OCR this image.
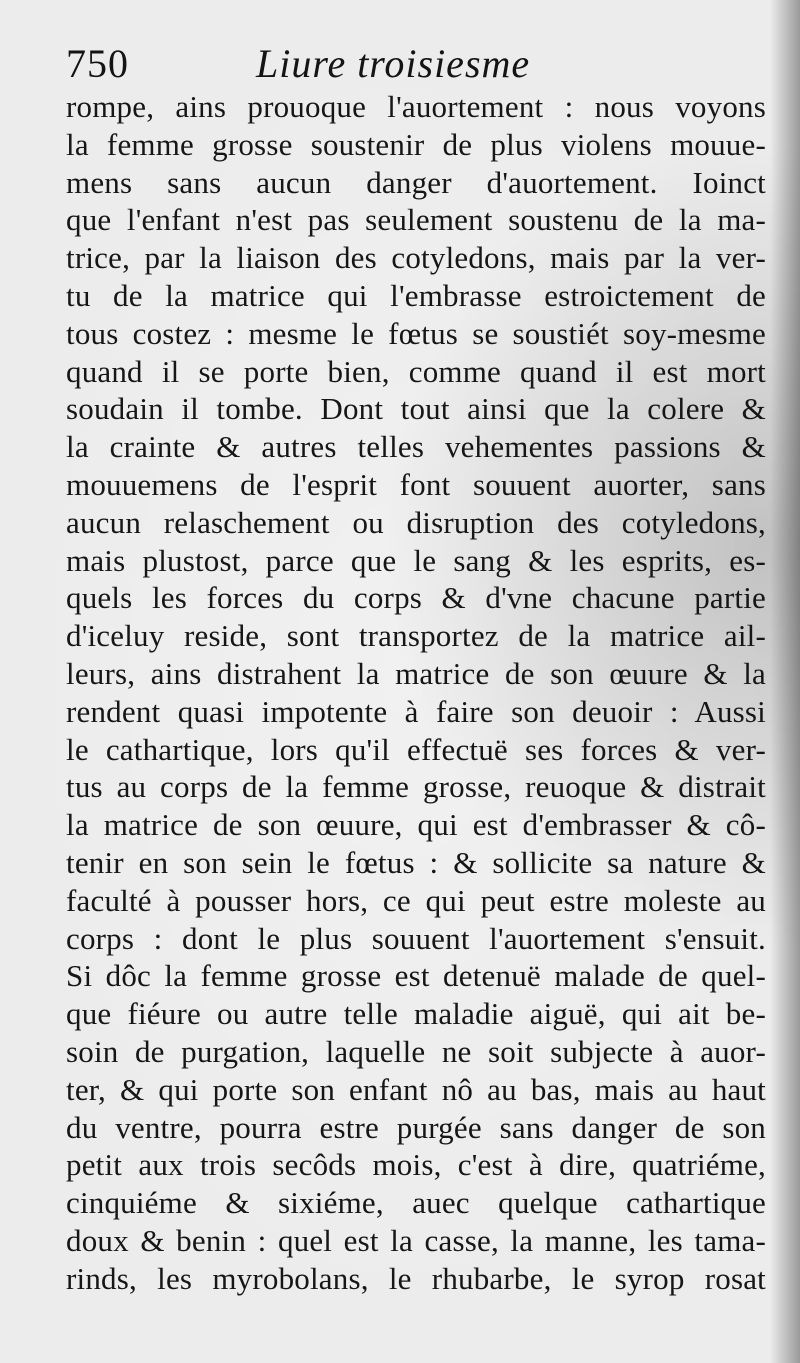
750	Liure troisiesme
rompe, ains prouoque l'auortement : nous voyons
la femme grosse soustenir de plus violens mouue-
mens sans aucun danger d'auortement. Ioinct
que l'enfant n'est pas seulement soustenu de la ma-
trice, par la liaison des cotyledons, mais par la ver-
tu de la matrice qui l'embrasse estroictement de
tous costez : mesme le fœtus se soustiét soy-mesme
quand il se porte bien, comme quand il est mort
soudain il tombe. Dont tout ainsi que la colere &
la crainte & autres telles vehementes passions &
mouuemens de l'esprit font souuent auorter, sans
aucun relaschement ou disruption des cotyledons,
mais plustost, parce que le sang & les esprits, es-
quels les forces du corps & d'vne chacune partie
d'iceluy reside, sont transportez de la matrice ail-
leurs, ains distrahent la matrice de son œuure & la
rendent quasi impotente à faire son deuoir : Aussi
le cathartique, lors qu'il effectuë ses forces & ver-
tus au corps de la femme grosse, reuoque & distrait
la matrice de son œuure, qui est d'embrasser & cô-
tenir en son sein le fœtus : & sollicite sa nature &
faculté à pousser hors, ce qui peut estre moleste au
corps : dont le plus souuent l'auortement s'ensuit.
Si dôc la femme grosse est detenuë malade de quel-
que fiéure ou autre telle maladie aiguë, qui ait be-
soin de purgation, laquelle ne soit subjecte à auor-
ter, & qui porte son enfant nô au bas, mais au haut
du ventre, pourra estre purgée sans danger de son
petit aux trois secôds mois, c'est à dire, quatriéme,
cinquiéme & sixiéme, auec quelque cathartique
doux & benin : quel est la casse, la manne, les tama-
rinds, les myrobolans, le rhubarbe, le syrop rosat
